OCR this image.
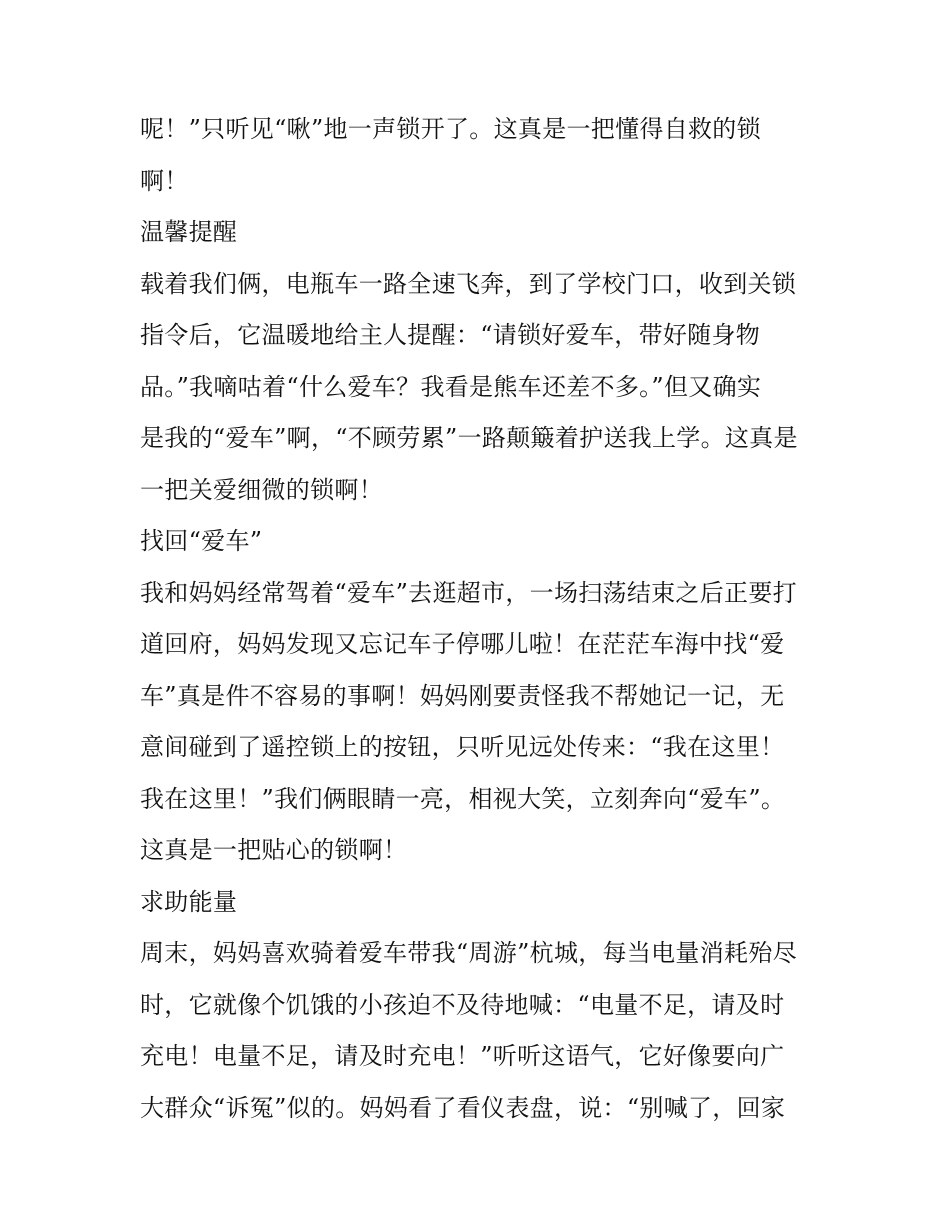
呢！”只听见“啾”地一声锁开了。这真是一把懂得自救的锁
啊！
温馨提醒
载着我们俩，电瓶车一路全速飞奔，到了学校门口，收到关锁
指令后，它温暖地给主人提醒：“请锁好爱车，带好随身物
品。”我嘀咕着“什么爱车？我看是熊车还差不多。”但又确实
是我的“爱车”啊，“不顾劳累”一路颠簸着护送我上学。这真是
一把关爱细微的锁啊！
找回“爱车”
我和妈妈经常驾着“爱车”去逛超市，一场扫荡结束之后正要打
道回府，妈妈发现又忘记车子停哪儿啦！在茫茫车海中找“爱
车”真是件不容易的事啊！妈妈刚要责怪我不帮她记一记，无
意间碰到了遥控锁上的按钮，只听见远处传来：“我在这里！
我在这里！”我们俩眼睛一亮，相视大笑，立刻奔向“爱车”。
这真是一把贴心的锁啊！
求助能量
周末，妈妈喜欢骑着爱车带我“周游”杭城，每当电量消耗殆尽
时，它就像个饥饿的小孩迫不及待地喊：“电量不足，请及时
充电！电量不足，请及时充电！”听听这语气，它好像要向广
大群众“诉冤”似的。妈妈看了看仪表盘，说：“别喊了，回家
